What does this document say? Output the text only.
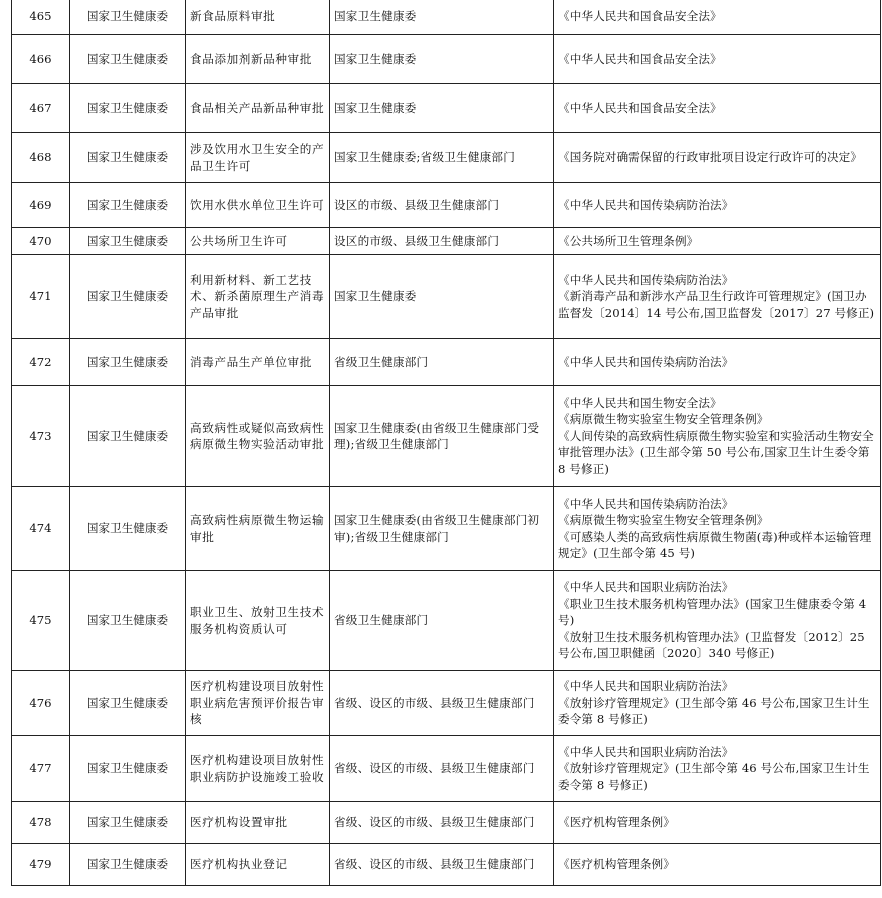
465	国家卫生健康委	新食品原料审批	国家卫生健康委	《中华人民共和国食品安全法》
466	国家卫生健康委	食品添加剂新品种审批	国家卫生健康委	《中华人民共和国食品安全法》
467	国家卫生健康委	食品相关产品新品种审批	国家卫生健康委	《中华人民共和国食品安全法》
468	国家卫生健康委	涉及饮用水卫生安全的产品卫生许可	国家卫生健康委;省级卫生健康部门	《国务院对确需保留的行政审批项目设定行政许可的决定》
469	国家卫生健康委	饮用水供水单位卫生许可	设区的市级、县级卫生健康部门	《中华人民共和国传染病防治法》
470	国家卫生健康委	公共场所卫生许可	设区的市级、县级卫生健康部门	《公共场所卫生管理条例》
471	国家卫生健康委	利用新材料、新工艺技术、新杀菌原理生产消毒产品审批	国家卫生健康委	《中华人民共和国传染病防治法》
《新消毒产品和新涉水产品卫生行政许可管理规定》(国卫办监督发〔2014〕14 号公布,国卫监督发〔2017〕27 号修正)
472	国家卫生健康委	消毒产品生产单位审批	省级卫生健康部门	《中华人民共和国传染病防治法》
473	国家卫生健康委	高致病性或疑似高致病性病原微生物实验活动审批	国家卫生健康委(由省级卫生健康部门受理);省级卫生健康部门	《中华人民共和国生物安全法》
《病原微生物实验室生物安全管理条例》
《人间传染的高致病性病原微生物实验室和实验活动生物安全审批管理办法》(卫生部令第 50 号公布,国家卫生计生委令第 8 号修正)
474	国家卫生健康委	高致病性病原微生物运输审批	国家卫生健康委(由省级卫生健康部门初审);省级卫生健康部门	《中华人民共和国传染病防治法》
《病原微生物实验室生物安全管理条例》
《可感染人类的高致病性病原微生物菌(毒)种或样本运输管理规定》(卫生部令第 45 号)
475	国家卫生健康委	职业卫生、放射卫生技术服务机构资质认可	省级卫生健康部门	《中华人民共和国职业病防治法》
《职业卫生技术服务机构管理办法》(国家卫生健康委令第 4 号)
《放射卫生技术服务机构管理办法》(卫监督发〔2012〕25 号公布,国卫职健函〔2020〕340 号修正)
476	国家卫生健康委	医疗机构建设项目放射性职业病危害预评价报告审核	省级、设区的市级、县级卫生健康部门	《中华人民共和国职业病防治法》
《放射诊疗管理规定》(卫生部令第 46 号公布,国家卫生计生委令第 8 号修正)
477	国家卫生健康委	医疗机构建设项目放射性职业病防护设施竣工验收	省级、设区的市级、县级卫生健康部门	《中华人民共和国职业病防治法》
《放射诊疗管理规定》(卫生部令第 46 号公布,国家卫生计生委令第 8 号修正)
478	国家卫生健康委	医疗机构设置审批	省级、设区的市级、县级卫生健康部门	《医疗机构管理条例》
479	国家卫生健康委	医疗机构执业登记	省级、设区的市级、县级卫生健康部门	《医疗机构管理条例》
